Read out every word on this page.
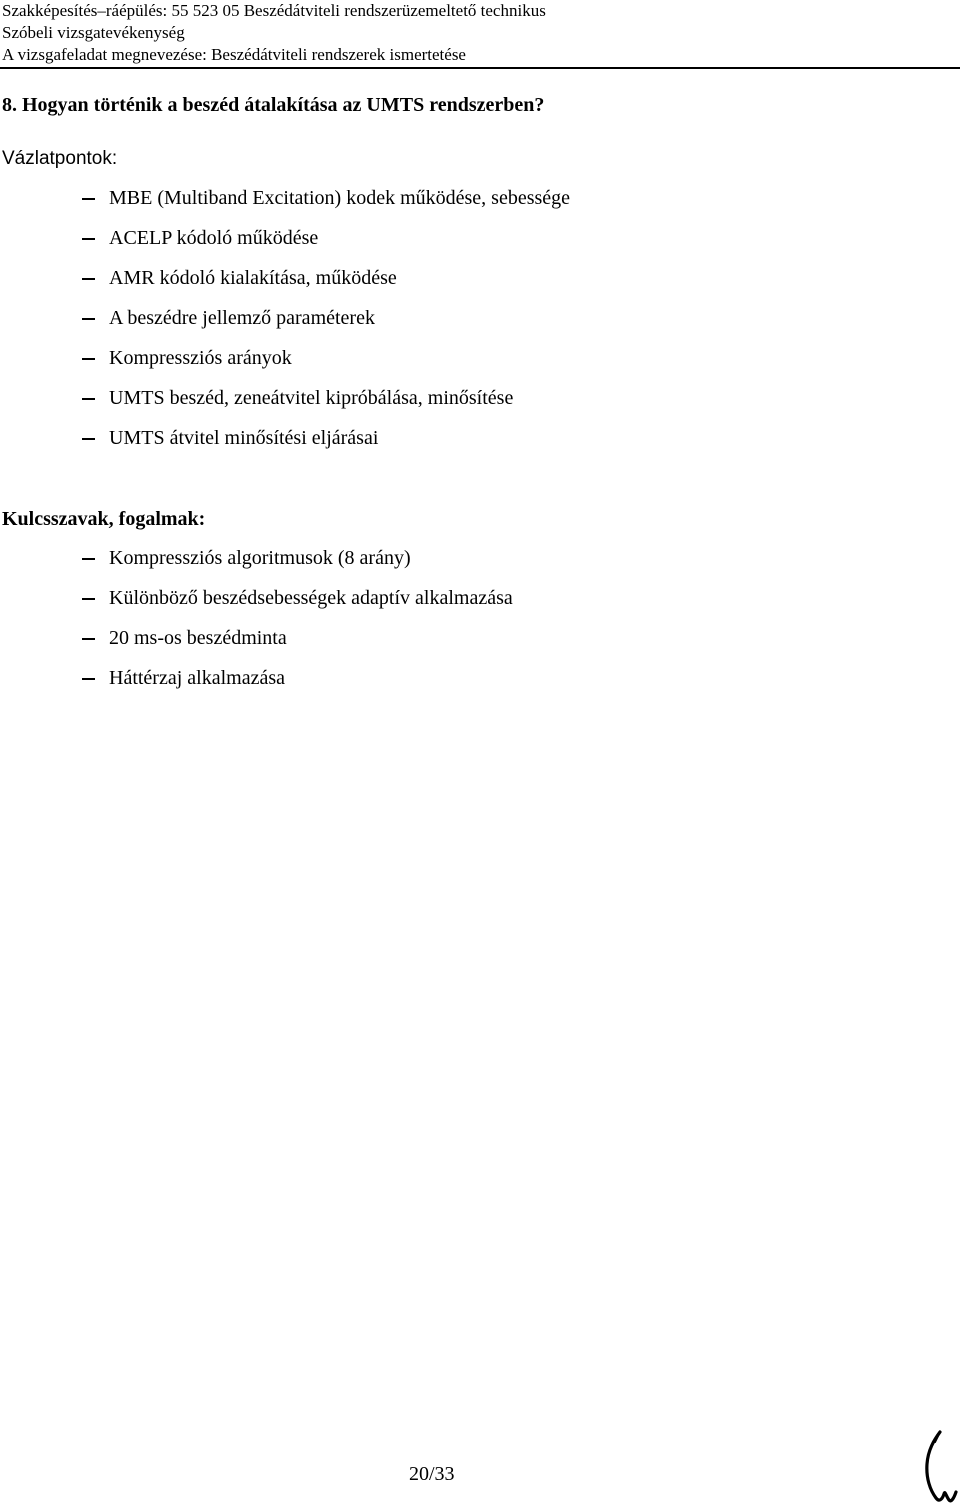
Szakképesítés–ráépülés: 55 523 05 Beszédátviteli rendszerüzemeltető technikus
Szóbeli vizsgatevékenység
A vizsgafeladat megnevezése: Beszédátviteli rendszerek ismertetése
8. Hogyan történik a beszéd átalakítása az UMTS rendszerben?
Vázlatpontok:
MBE (Multiband Excitation) kodek működése, sebessége
ACELP kódoló működése
AMR kódoló kialakítása, működése
A beszédre jellemző paraméterek
Kompressziós arányok
UMTS beszéd, zeneátvitel kipróbálása, minősítése
UMTS átvitel minősítési eljárásai
Kulcsszavak, fogalmak:
Kompressziós algoritmusok (8 arány)
Különböző beszédsebességek adaptív alkalmazása
20 ms-os beszédminta
Háttérzaj alkalmazása
20/33
